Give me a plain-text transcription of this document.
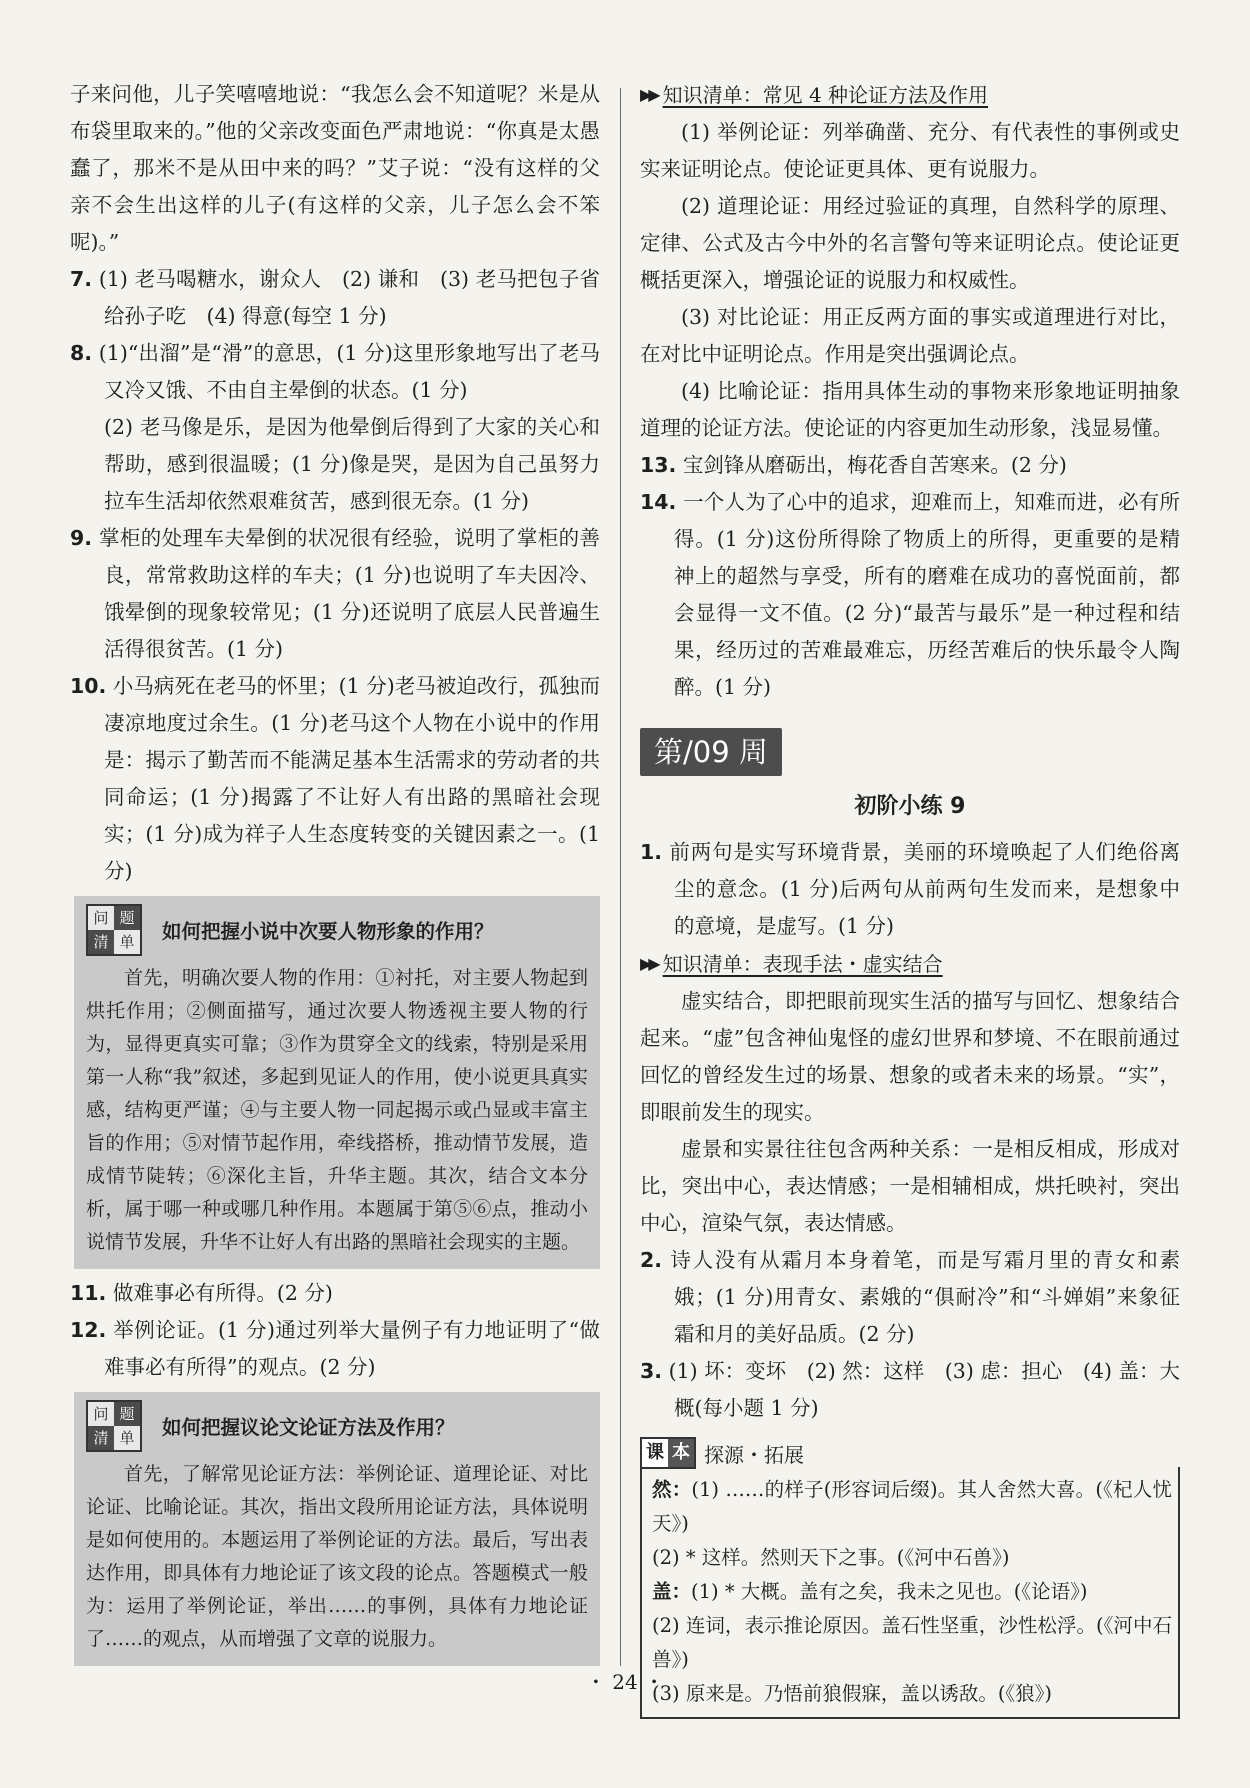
子来问他，儿子笑嘻嘻地说：“我怎么会不知道呢？米是从布袋里取来的。”他的父亲改变面色严肃地说：“你真是太愚蠢了，那米不是从田中来的吗？”艾子说：“没有这样的父亲不会生出这样的儿子(有这样的父亲，儿子怎么会不笨呢)。”

7. (1) 老马喝糖水，谢众人　(2) 谦和　(3) 老马把包子省给孙子吃　(4) 得意(每空 1 分)

8. (1)“出溜”是“滑”的意思，(1 分)这里形象地写出了老马又冷又饿、不由自主晕倒的状态。(1 分)

(2) 老马像是乐，是因为他晕倒后得到了大家的关心和帮助，感到很温暖；(1 分)像是哭，是因为自己虽努力拉车生活却依然艰难贫苦，感到很无奈。(1 分)

9. 掌柜的处理车夫晕倒的状况很有经验，说明了掌柜的善良，常常救助这样的车夫；(1 分)也说明了车夫因冷、饿晕倒的现象较常见；(1 分)还说明了底层人民普遍生活得很贫苦。(1 分)

10. 小马病死在老马的怀里；(1 分)老马被迫改行，孤独而凄凉地度过余生。(1 分)老马这个人物在小说中的作用是：揭示了勤苦而不能满足基本生活需求的劳动者的共同命运；(1 分)揭露了不让好人有出路的黑暗社会现实；(1 分)成为祥子人生态度转变的关键因素之一。(1 分)

问 题
清 单 如何把握小说中次要人物形象的作用？

首先，明确次要人物的作用：①衬托，对主要人物起到烘托作用；②侧面描写，通过次要人物透视主要人物的行为，显得更真实可靠；③作为贯穿全文的线索，特别是采用第一人称“我”叙述，多起到见证人的作用，使小说更具真实感，结构更严谨；④与主要人物一同起揭示或凸显或丰富主旨的作用；⑤对情节起作用，牵线搭桥，推动情节发展，造成情节陡转；⑥深化主旨，升华主题。其次，结合文本分析，属于哪一种或哪几种作用。本题属于第⑤⑥点，推动小说情节发展，升华不让好人有出路的黑暗社会现实的主题。

11. 做难事必有所得。(2 分)

12. 举例论证。(1 分)通过列举大量例子有力地证明了“做难事必有所得”的观点。(2 分)

问 题
清 单 如何把握议论文论证方法及作用？

首先，了解常见论证方法：举例论证、道理论证、对比论证、比喻论证。其次，指出文段所用论证方法，具体说明是如何使用的。本题运用了举例论证的方法。最后，写出表达作用，即具体有力地论证了该文段的论点。答题模式一般为：运用了举例论证，举出……的事例，具体有力地论证了……的观点，从而增强了文章的说服力。

▶▶ 知识清单：常见 4 种论证方法及作用

(1) 举例论证：列举确凿、充分、有代表性的事例或史实来证明论点。使论证更具体、更有说服力。

(2) 道理论证：用经过验证的真理，自然科学的原理、定律、公式及古今中外的名言警句等来证明论点。使论证更概括更深入，增强论证的说服力和权威性。

(3) 对比论证：用正反两方面的事实或道理进行对比，在对比中证明论点。作用是突出强调论点。

(4) 比喻论证：指用具体生动的事物来形象地证明抽象道理的论证方法。使论证的内容更加生动形象，浅显易懂。

13. 宝剑锋从磨砺出，梅花香自苦寒来。(2 分)

14. 一个人为了心中的追求，迎难而上，知难而进，必有所得。(1 分)这份所得除了物质上的所得，更重要的是精神上的超然与享受，所有的磨难在成功的喜悦面前，都会显得一文不值。(2 分)“最苦与最乐”是一种过程和结果，经历过的苦难最难忘，历经苦难后的快乐最令人陶醉。(1 分)

第/09 周
初阶小练 9

1. 前两句是实写环境背景，美丽的环境唤起了人们绝俗离尘的意念。(1 分)后两句从前两句生发而来，是想象中的意境，是虚写。(1 分)

▶▶ 知识清单：表现手法・虚实结合

虚实结合，即把眼前现实生活的描写与回忆、想象结合起来。“虚”包含神仙鬼怪的虚幻世界和梦境、不在眼前通过回忆的曾经发生过的场景、想象的或者未来的场景。“实”，即眼前发生的现实。

虚景和实景往往包含两种关系：一是相反相成，形成对比，突出中心，表达情感；一是相辅相成，烘托映衬，突出中心，渲染气氛，表达情感。

2. 诗人没有从霜月本身着笔，而是写霜月里的青女和素娥；(1 分)用青女、素娥的“俱耐冷”和“斗婵娟”来象征霜和月的美好品质。(2 分)

3. (1) 坏：变坏　(2) 然：这样　(3) 虑：担心　(4) 盖：大概(每小题 1 分)

课 本 探源・拓展

然：(1) ……的样子(形容词后缀)。其人舍然大喜。(《杞人忧天》)

(2) * 这样。然则天下之事。(《河中石兽》)

盖：(1) * 大概。盖有之矣，我未之见也。(《论语》)

(2) 连词，表示推论原因。盖石性坚重，沙性松浮。(《河中石兽》)

(3) 原来是。乃悟前狼假寐，盖以诱敌。(《狼》)

・ 24 ・
